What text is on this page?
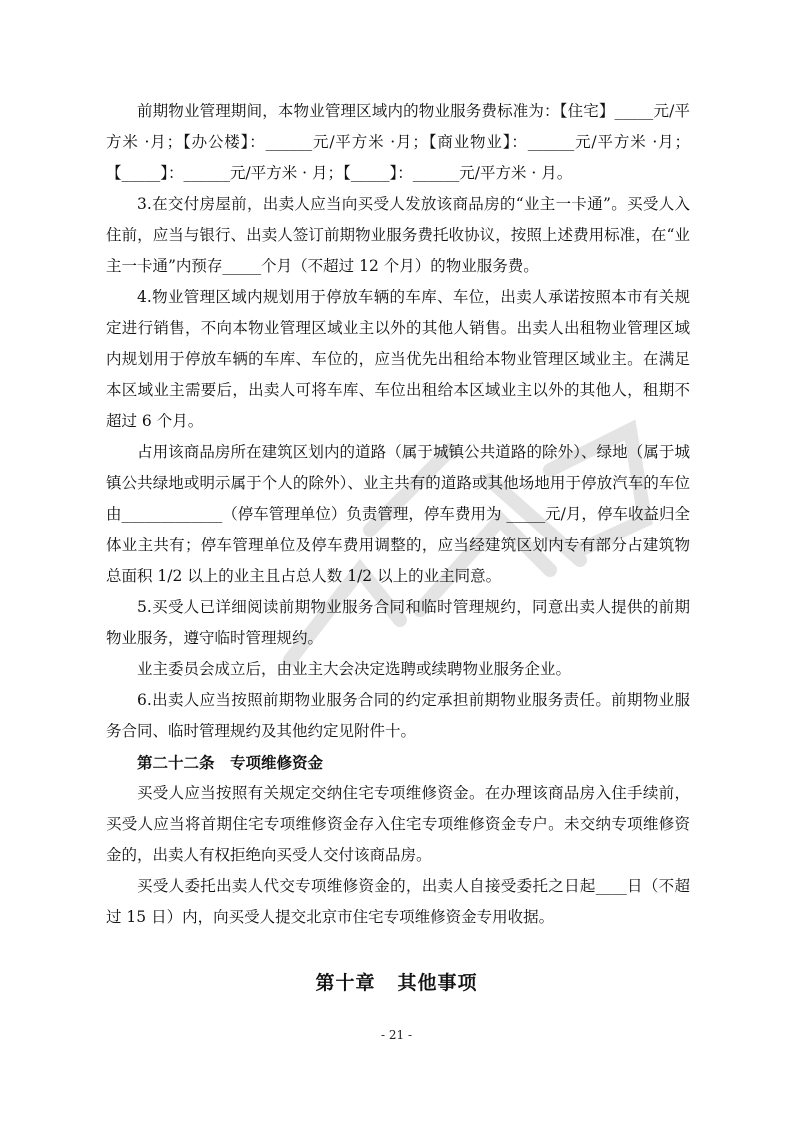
前期物业管理期间，本物业管理区域内的物业服务费标准为：【住宅】_____元/平方米 ·月；【办公楼】：______元/平方米 ·月；【商业物业】：______元/平方米 ·月；【_____】：______元/平方米 · 月；【_____】：______元/平方米 · 月。

3.在交付房屋前，出卖人应当向买受人发放该商品房的“业主一卡通”。买受人入住前，应当与银行、出卖人签订前期物业服务费托收协议，按照上述费用标准，在“业主一卡通”内预存_____个月（不超过 12 个月）的物业服务费。

4.物业管理区域内规划用于停放车辆的车库、车位，出卖人承诺按照本市有关规定进行销售，不向本物业管理区域业主以外的其他人销售。出卖人出租物业管理区域内规划用于停放车辆的车库、车位的，应当优先出租给本物业管理区域业主。在满足本区域业主需要后，出卖人可将车库、车位出租给本区域业主以外的其他人，租期不超过 6 个月。

占用该商品房所在建筑区划内的道路（属于城镇公共道路的除外）、绿地（属于城镇公共绿地或明示属于个人的除外）、业主共有的道路或其他场地用于停放汽车的车位由_____________（停车管理单位）负责管理，停车费用为 _____元/月，停车收益归全体业主共有；停车管理单位及停车费用调整的，应当经建筑区划内专有部分占建筑物总面积 1/2 以上的业主且占总人数 1/2 以上的业主同意。

5.买受人已详细阅读前期物业服务合同和临时管理规约，同意出卖人提供的前期物业服务，遵守临时管理规约。

业主委员会成立后，由业主大会决定选聘或续聘物业服务企业。

6.出卖人应当按照前期物业服务合同的约定承担前期物业服务责任。前期物业服务合同、临时管理规约及其他约定见附件十。

第二十二条　专项维修资金

买受人应当按照有关规定交纳住宅专项维修资金。在办理该商品房入住手续前，买受人应当将首期住宅专项维修资金存入住宅专项维修资金专户。未交纳专项维修资金的，出卖人有权拒绝向买受人交付该商品房。

买受人委托出卖人代交专项维修资金的，出卖人自接受委托之日起____日（不超过 15 日）内，向买受人提交北京市住宅专项维修资金专用收据。

第十章 其他事项
- 21 -
